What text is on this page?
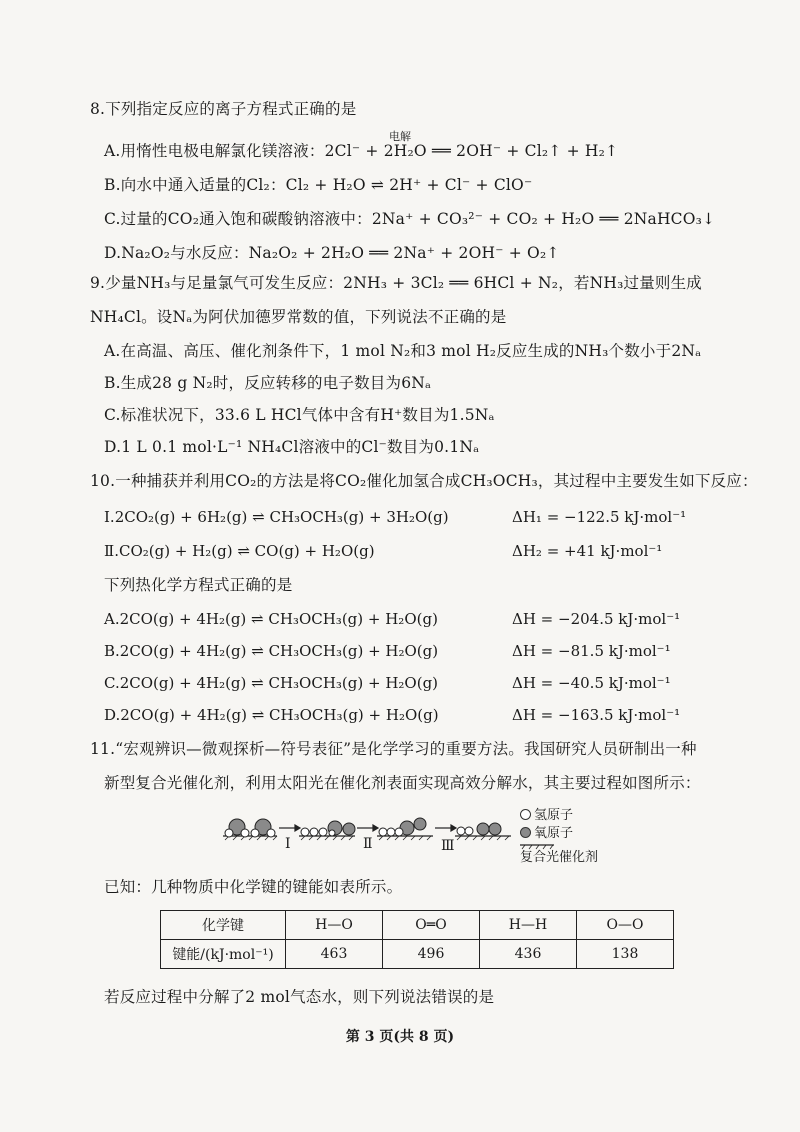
8.下列指定反应的离子方程式正确的是
A.用惰性电极电解氯化镁溶液：2Cl⁻ + 2H₂O ══ 2OH⁻ + Cl₂↑ + H₂↑
电解
B.向水中通入适量的Cl₂：Cl₂ + H₂O ⇌ 2H⁺ + Cl⁻ + ClO⁻
C.过量的CO₂通入饱和碳酸钠溶液中：2Na⁺ + CO₃²⁻ + CO₂ + H₂O ══ 2NaHCO₃↓
D.Na₂O₂与水反应：Na₂O₂ + 2H₂O ══ 2Na⁺ + 2OH⁻ + O₂↑
9.少量NH₃与足量氯气可发生反应：2NH₃ + 3Cl₂ ══ 6HCl + N₂，若NH₃过量则生成
NH₄Cl。设Nₐ为阿伏加德罗常数的值，下列说法不正确的是
A.在高温、高压、催化剂条件下，1 mol N₂和3 mol H₂反应生成的NH₃个数小于2Nₐ
B.生成28 g N₂时，反应转移的电子数目为6Nₐ
C.标准状况下，33.6 L HCl气体中含有H⁺数目为1.5Nₐ
D.1 L 0.1 mol·L⁻¹ NH₄Cl溶液中的Cl⁻数目为0.1Nₐ
10.一种捕获并利用CO₂的方法是将CO₂催化加氢合成CH₃OCH₃，其过程中主要发生如下反应：
Ⅰ.2CO₂(g) + 6H₂(g) ⇌ CH₃OCH₃(g) + 3H₂O(g)	ΔH₁ = −122.5 kJ·mol⁻¹
Ⅱ.CO₂(g) + H₂(g) ⇌ CO(g) + H₂O(g)	ΔH₂ = +41 kJ·mol⁻¹
下列热化学方程式正确的是
A.2CO(g) + 4H₂(g) ⇌ CH₃OCH₃(g) + H₂O(g)	ΔH = −204.5 kJ·mol⁻¹
B.2CO(g) + 4H₂(g) ⇌ CH₃OCH₃(g) + H₂O(g)	ΔH = −81.5 kJ·mol⁻¹
C.2CO(g) + 4H₂(g) ⇌ CH₃OCH₃(g) + H₂O(g)	ΔH = −40.5 kJ·mol⁻¹
D.2CO(g) + 4H₂(g) ⇌ CH₃OCH₃(g) + H₂O(g)	ΔH = −163.5 kJ·mol⁻¹
11.“宏观辨识—微观探析—符号表征”是化学学习的重要方法。我国研究人员研制出一种
新型复合光催化剂，利用太阳光在催化剂表面实现高效分解水，其主要过程如图所示：
Ⅰ	Ⅱ	Ⅲ
氢原子
氧原子
复合光催化剂
已知：几种物质中化学键的键能如表所示。
化学键	H—O	O═O	H—H	O—O
键能/(kJ·mol⁻¹)	463	496	436	138
若反应过程中分解了2 mol气态水，则下列说法错误的是
第 3 页(共 8 页)
